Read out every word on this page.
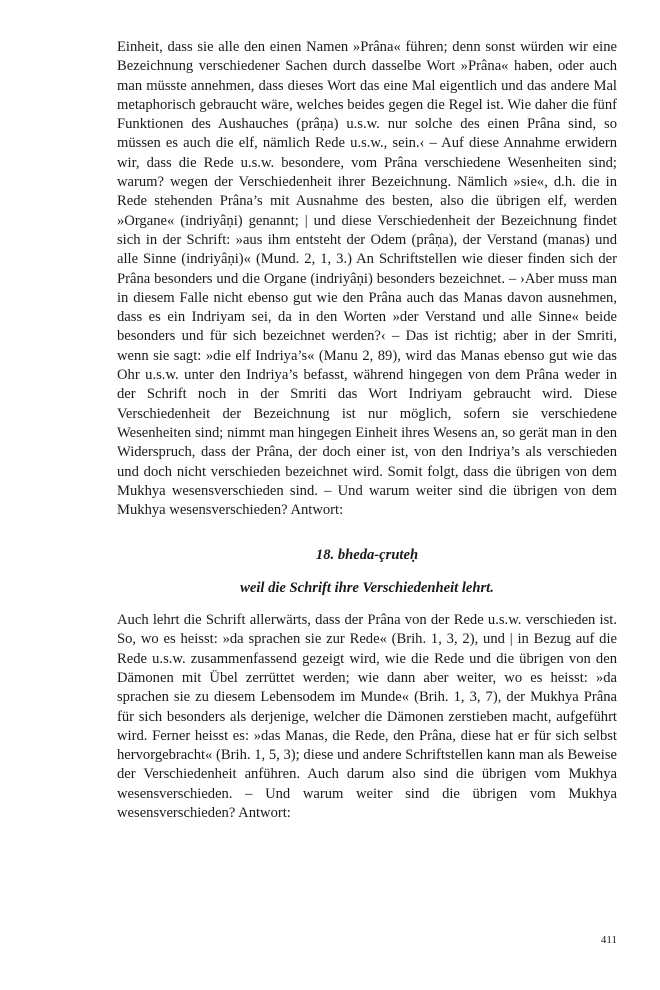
Einheit, dass sie alle den einen Namen »Prâna« führen; denn sonst würden wir eine Bezeichnung verschiedener Sachen durch dasselbe Wort »Prâna« haben, oder auch man müsste annehmen, dass dieses Wort das eine Mal eigentlich und das andere Mal metaphorisch gebraucht wäre, welches beides gegen die Regel ist. Wie daher die fünf Funktionen des Aushauches (prâṇa) u.s.w. nur solche des einen Prâna sind, so müssen es auch die elf, nämlich Rede u.s.w., sein.‹ – Auf diese Annahme erwidern wir, dass die Rede u.s.w. besondere, vom Prâna verschiedene Wesenheiten sind; warum? wegen der Verschiedenheit ihrer Bezeichnung. Nämlich »sie«, d.h. die in Rede stehenden Prâna’s mit Ausnahme des besten, also die übrigen elf, werden »Organe« (indriyâṇi) genannt; | und diese Verschiedenheit der Bezeichnung findet sich in der Schrift: »aus ihm entsteht der Odem (prâṇa), der Verstand (manas) und alle Sinne (indriyâṇi)« (Mund. 2, 1, 3.) An Schriftstellen wie dieser finden sich der Prâna besonders und die Organe (indriyâṇi) besonders bezeichnet. – ›Aber muss man in diesem Falle nicht ebenso gut wie den Prâna auch das Manas davon ausnehmen, dass es ein Indriyam sei, da in den Worten »der Verstand und alle Sinne« beide besonders und für sich bezeichnet werden?‹ – Das ist richtig; aber in der Smriti, wenn sie sagt: »die elf Indriya’s« (Manu 2, 89), wird das Manas ebenso gut wie das Ohr u.s.w. unter den Indriya’s befasst, während hingegen von dem Prâna weder in der Schrift noch in der Smriti das Wort Indriyam gebraucht wird. Diese Verschiedenheit der Bezeichnung ist nur möglich, sofern sie verschiedene Wesenheiten sind; nimmt man hingegen Einheit ihres Wesens an, so gerät man in den Widerspruch, dass der Prâna, der doch einer ist, von den Indriya’s als verschieden und doch nicht verschieden bezeichnet wird. Somit folgt, dass die übrigen von dem Mukhya wesensverschieden sind. – Und warum weiter sind die übrigen von dem Mukhya wesensverschieden? Antwort:

18. bheda-çruteḥ

weil die Schrift ihre Verschiedenheit lehrt.

Auch lehrt die Schrift allerwärts, dass der Prâna von der Rede u.s.w. verschieden ist. So, wo es heisst: »da sprachen sie zur Rede« (Brih. 1, 3, 2), und | in Bezug auf die Rede u.s.w. zusammenfassend gezeigt wird, wie die Rede und die übrigen von den Dämonen mit Übel zerrüttet werden; wie dann aber weiter, wo es heisst: »da sprachen sie zu diesem Lebensodem im Munde« (Brih. 1, 3, 7), der Mukhya Prâna für sich besonders als derjenige, welcher die Dämonen zerstieben macht, aufgeführt wird. Ferner heisst es: »das Manas, die Rede, den Prâna, diese hat er für sich selbst hervorgebracht« (Brih. 1, 5, 3); diese und andere Schriftstellen kann man als Beweise der Verschiedenheit anführen. Auch darum also sind die übrigen vom Mukhya wesensverschieden. – Und warum weiter sind die übrigen vom Mukhya wesensverschieden? Antwort:

411
